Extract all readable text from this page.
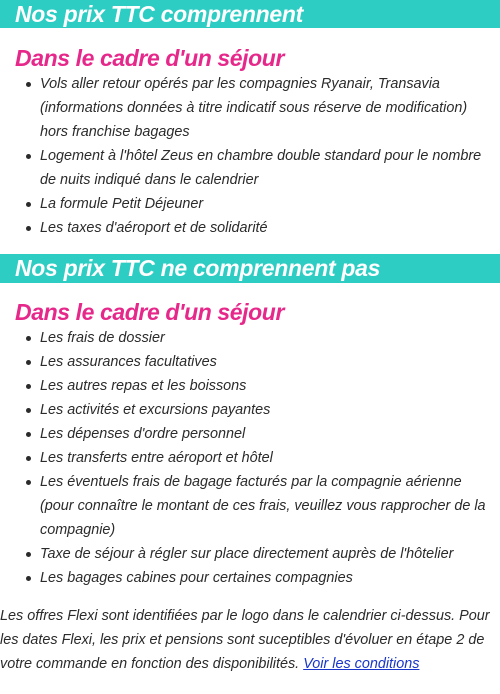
Nos prix TTC comprennent
Dans le cadre d'un séjour
Vols aller retour opérés par les compagnies Ryanair, Transavia (informations données à titre indicatif sous réserve de modification) hors franchise bagages
Logement à l'hôtel Zeus en chambre double standard pour le nombre de nuits indiqué dans le calendrier
La formule Petit Déjeuner
Les taxes d'aéroport et de solidarité
Nos prix TTC ne comprennent pas
Dans le cadre d'un séjour
Les frais de dossier
Les assurances facultatives
Les autres repas et les boissons
Les activités et excursions payantes
Les dépenses d'ordre personnel
Les transferts entre aéroport et hôtel
Les éventuels frais de bagage facturés par la compagnie aérienne (pour connaître le montant de ces frais, veuillez vous rapprocher de la compagnie)
Taxe de séjour à régler sur place directement auprès de l'hôtelier
Les bagages cabines pour certaines compagnies

Les offres Flexi sont identifiées par le logo dans le calendrier ci-dessus. Pour les dates Flexi, les prix et pensions sont suceptibles d'évoluer en étape 2 de votre commande en fonction des disponibilités. Voir les conditions
